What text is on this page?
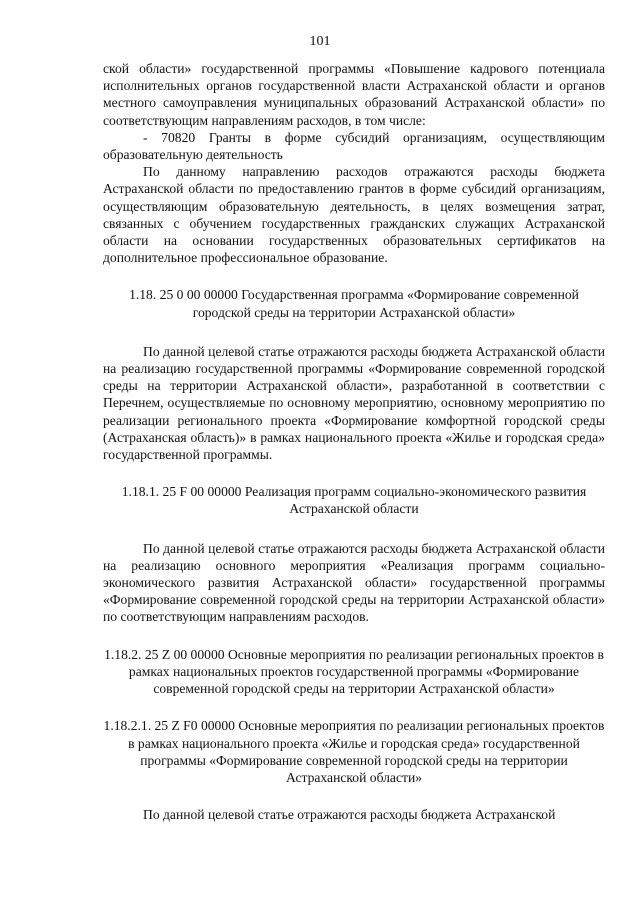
101

ской области» государственной программы «Повышение кадрового потенциала исполнительных органов государственной власти Астраханской области и органов местного самоуправления муниципальных образований Астраханской области» по соответствующим направлениям расходов, в том числе:

- 70820 Гранты в форме субсидий организациям, осуществляющим образовательную деятельность

По данному направлению расходов отражаются расходы бюджета Астраханской области по предоставлению грантов в форме субсидий организациям, осуществляющим образовательную деятельность, в целях возмещения затрат, связанных с обучением государственных гражданских служащих Астраханской области на основании государственных образовательных сертификатов на дополнительное профессиональное образование.

1.18. 25 0 00 00000 Государственная программа «Формирование современной городской среды на территории Астраханской области»

По данной целевой статье отражаются расходы бюджета Астраханской области на реализацию государственной программы «Формирование современной городской среды на территории Астраханской области», разработанной в соответствии с Перечнем, осуществляемые по основному мероприятию, основному мероприятию по реализации регионального проекта «Формирование комфортной городской среды (Астраханская область)» в рамках национального проекта «Жилье и городская среда» государственной программы.

1.18.1. 25 F 00 00000 Реализация программ социально-экономического развития Астраханской области

По данной целевой статье отражаются расходы бюджета Астраханской области на реализацию основного мероприятия «Реализация программ социально-экономического развития Астраханской области» государственной программы «Формирование современной городской среды на территории Астраханской области» по соответствующим направлениям расходов.

1.18.2. 25 Z 00 00000 Основные мероприятия по реализации региональных проектов в рамках национальных проектов государственной программы «Формирование современной городской среды на территории Астраханской области»

1.18.2.1. 25 Z F0 00000 Основные мероприятия по реализации региональных проектов в рамках национального проекта «Жилье и городская среда» государственной программы «Формирование современной городской среды на территории Астраханской области»

По данной целевой статье отражаются расходы бюджета Астраханской
